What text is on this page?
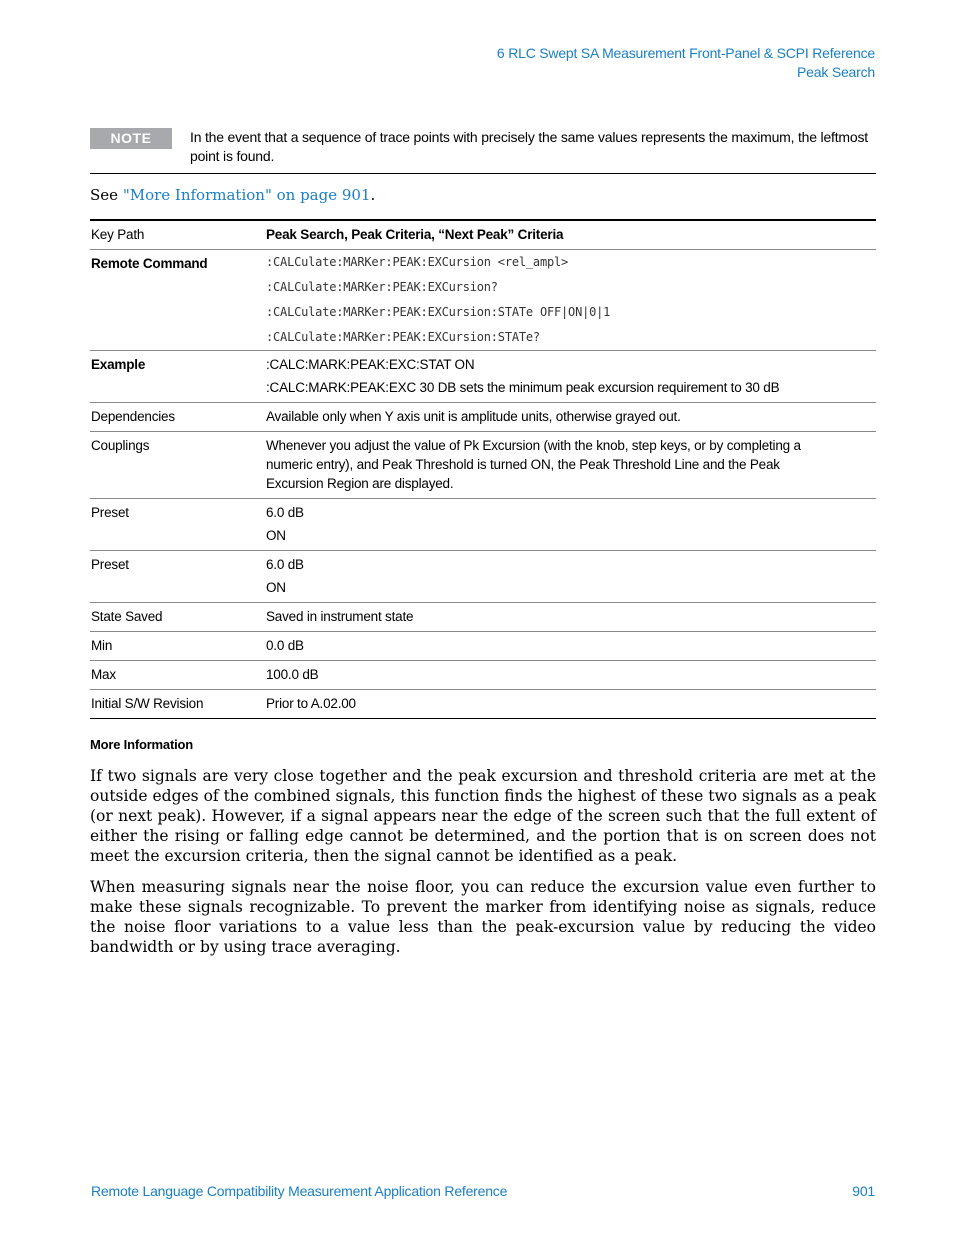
6 RLC Swept SA Measurement Front-Panel & SCPI Reference
Peak Search
NOTE	In the event that a sequence of trace points with precisely the same values represents the maximum, the leftmost point is found.
See "More Information" on page 901.
Key Path	Peak Search, Peak Criteria, “Next Peak” Criteria
Remote Command	:CALCulate:MARKer:PEAK:EXCursion <rel_ampl>
:CALCulate:MARKer:PEAK:EXCursion?
:CALCulate:MARKer:PEAK:EXCursion:STATe OFF|ON|0|1
:CALCulate:MARKer:PEAK:EXCursion:STATe?

Example	:CALC:MARK:PEAK:EXC:STAT ON
:CALC:MARK:PEAK:EXC 30 DB sets the minimum peak excursion requirement to 30 dB

Dependencies	Available only when Y axis unit is amplitude units, otherwise grayed out.
Couplings	Whenever you adjust the value of Pk Excursion (with the knob, step keys, or by completing a numeric entry), and Peak Threshold is turned ON, the Peak Threshold Line and the Peak Excursion Region are displayed.
Preset	6.0 dB
ON

Preset	6.0 dB
ON

State Saved	Saved in instrument state
Min	0.0 dB
Max	100.0 dB
Initial S/W Revision	Prior to A.02.00
More Information
If two signals are very close together and the peak excursion and threshold criteria are met at the outside edges of the combined signals, this function finds the highest of these two signals as a peak (or next peak). However, if a signal appears near the edge of the screen such that the full extent of either the rising or falling edge cannot be determined, and the portion that is on screen does not meet the excursion criteria, then the signal cannot be identified as a peak.
When measuring signals near the noise floor, you can reduce the excursion value even further to make these signals recognizable. To prevent the marker from identifying noise as signals, reduce the noise floor variations to a value less than the peak-excursion value by reducing the video bandwidth or by using trace averaging.
Remote Language Compatibility Measurement Application Reference	901
